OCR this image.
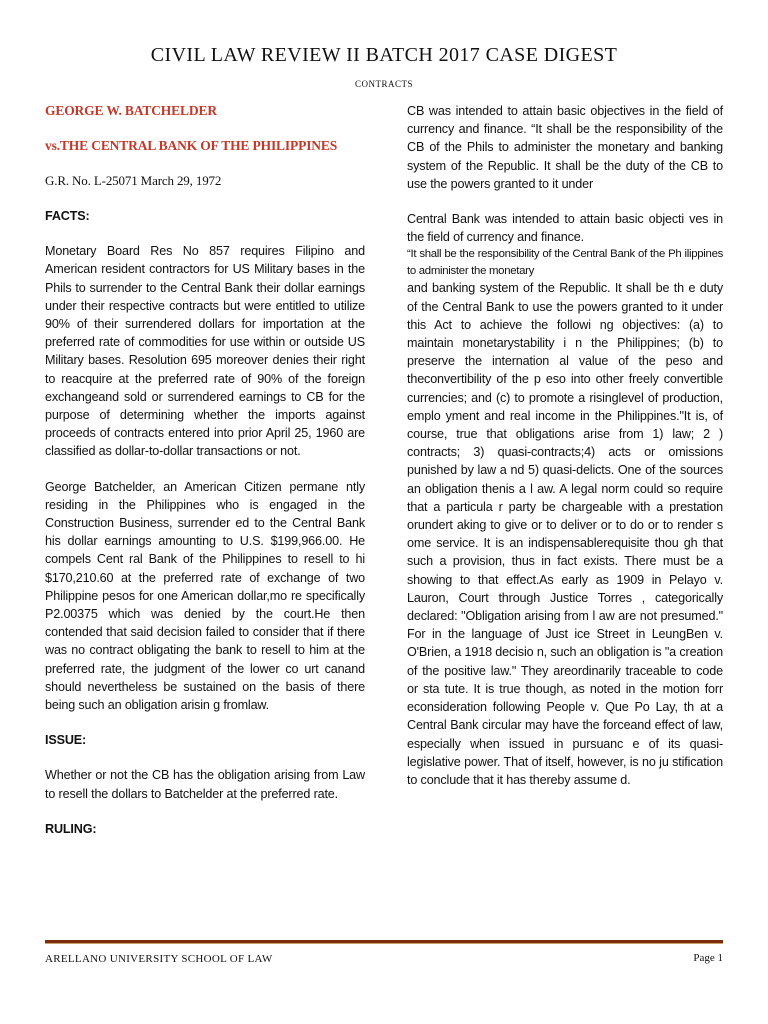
CIVIL LAW REVIEW II BATCH 2017 CASE DIGEST
CONTRACTS

GEORGE W. BATCHELDER

vs.THE CENTRAL BANK OF THE PHILIPPINES

G.R. No. L-25071 March 29, 1972

FACTS:

Monetary Board Res No 857 requires Filipino and American resident contractors for US Military bases in the Phils to surrender to the Central Bank their dollar earnings under their respective contracts but were entitled to utilize 90% of their surrendered dollars for importation at the preferred rate of commodities for use within or outside US Military bases. Resolution 695 moreover denies their right to reacquire at the preferred rate of 90% of the foreign exchangeand sold or surrendered earnings to CB for the purpose of determining whether the imports against proceeds of contracts entered into prior April 25, 1960 are classified as dollar-to-dollar transactions or not.

George Batchelder, an American Citizen permane ntly residing in the Philippines who is engaged in the Construction Business, surrender ed to the Central Bank his dollar earnings amounting to U.S. $199,966.00. He compels Cent ral Bank of the Philippines to resell to hi $170,210.60 at the preferred rate of exchange of two Philippine pesos for one American dollar,mo re specifically P2.00375 which was denied by the court.He then contended that said decision failed to consider that if there was no contract obligating the bank to resell to him at the preferred rate, the judgment of the lower co urt canand should nevertheless be sustained on the basis of there being such an obligation arisin g fromlaw.

ISSUE:

Whether or not the CB has the obligation arising from Law to resell the dollars to Batchelder at the preferred rate.

RULING:

CB was intended to attain basic objectives in the field of currency and finance. “It shall be the responsibility of the CB of the Phils to administer the monetary and banking system of the Republic. It shall be the duty of the CB to use the powers granted to it under

Central Bank was intended to attain basic objecti ves in the field of currency and finance.

“It shall be the responsibility of the Central Bank of the Ph ilippines to administer the monetary

and banking system of the Republic. It shall be th e duty of the Central Bank to use the powers granted to it under this Act to achieve the followi ng objectives: (a) to maintain monetarystability i n the Philippines; (b) to preserve the internation al value of the peso and theconvertibility of the p eso into other freely convertible currencies; and (c) to promote a risinglevel of production, emplo yment and real income in the Philippines."It is, of course, true that obligations arise from 1) law; 2 ) contracts; 3) quasi-contracts;4) acts or omissions punished by law a nd 5) quasi-delicts. One of the sources an obligation thenis a l aw. A legal norm could so require that a particula r party be chargeable with a prestation orundert aking to give or to deliver or to do or to render s ome service. It is an indispensablerequisite thou gh that such a provision, thus in fact exists. There must be a showing to that effect.As early as 1909 in Pelayo v. Lauron, Court through Justice Torres , categorically declared: "Obligation arising from l aw are not presumed." For in the language of Just ice Street in LeungBen v. O'Brien, a 1918 decisio n, such an obligation is "a creation of the positive law." They areordinarily traceable to code or sta tute. It is true though, as noted in the motion forr econsideration following People v. Que Po Lay, th at a Central Bank circular may have the forceand effect of law, especially when issued in pursuanc e of its quasi-legislative power. That of itself, however, is no ju stification to conclude that it has thereby assume d.

ARELLANO UNIVERSITY SCHOOL OF LAW	Page 1
